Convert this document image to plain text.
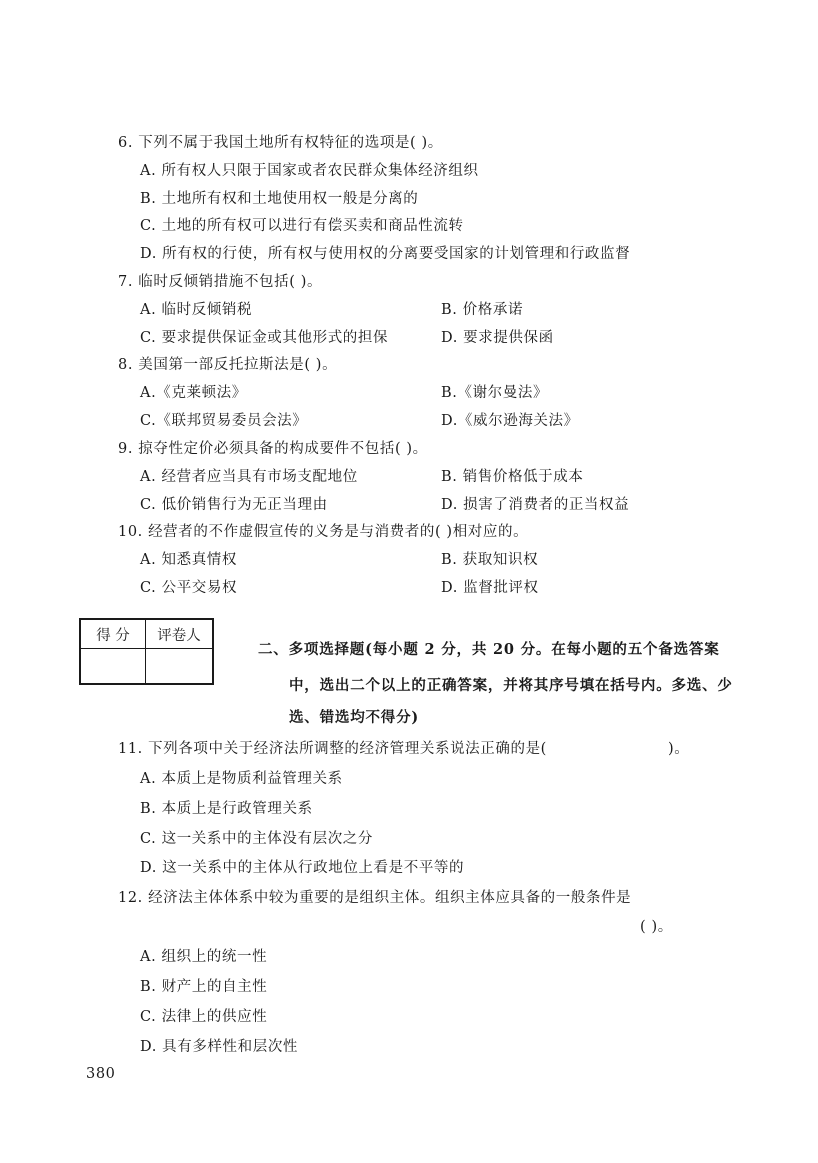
6. 下列不属于我国土地所有权特征的选项是( )。
A. 所有权人只限于国家或者农民群众集体经济组织
B. 土地所有权和土地使用权一般是分离的
C. 土地的所有权可以进行有偿买卖和商品性流转
D. 所有权的行使，所有权与使用权的分离要受国家的计划管理和行政监督
7. 临时反倾销措施不包括( )。
A. 临时反倾销税	B. 价格承诺
C. 要求提供保证金或其他形式的担保	D. 要求提供保函
8. 美国第一部反托拉斯法是( )。
A.《克莱顿法》	B.《谢尔曼法》
C.《联邦贸易委员会法》	D.《威尔逊海关法》
9. 掠夺性定价必须具备的构成要件不包括( )。
A. 经营者应当具有市场支配地位	B. 销售价格低于成本
C. 低价销售行为无正当理由	D. 损害了消费者的正当权益
10. 经营者的不作虚假宣传的义务是与消费者的( )相对应的。
A. 知悉真情权	B. 获取知识权
C. 公平交易权	D. 监督批评权
得 分	评卷人

二、多项选择题(每小题 2 分，共 20 分。在每小题的五个备选答案
中，选出二个以上的正确答案，并将其序号填在括号内。多选、少
选、错选均不得分)
11. 下列各项中关于经济法所调整的经济管理关系说法正确的是(	)。
A. 本质上是物质利益管理关系
B. 本质上是行政管理关系
C. 这一关系中的主体没有层次之分
D. 这一关系中的主体从行政地位上看是不平等的
12. 经济法主体体系中较为重要的是组织主体。组织主体应具备的一般条件是
( )。
A. 组织上的统一性
B. 财产上的自主性
C. 法律上的供应性
D. 具有多样性和层次性
380
